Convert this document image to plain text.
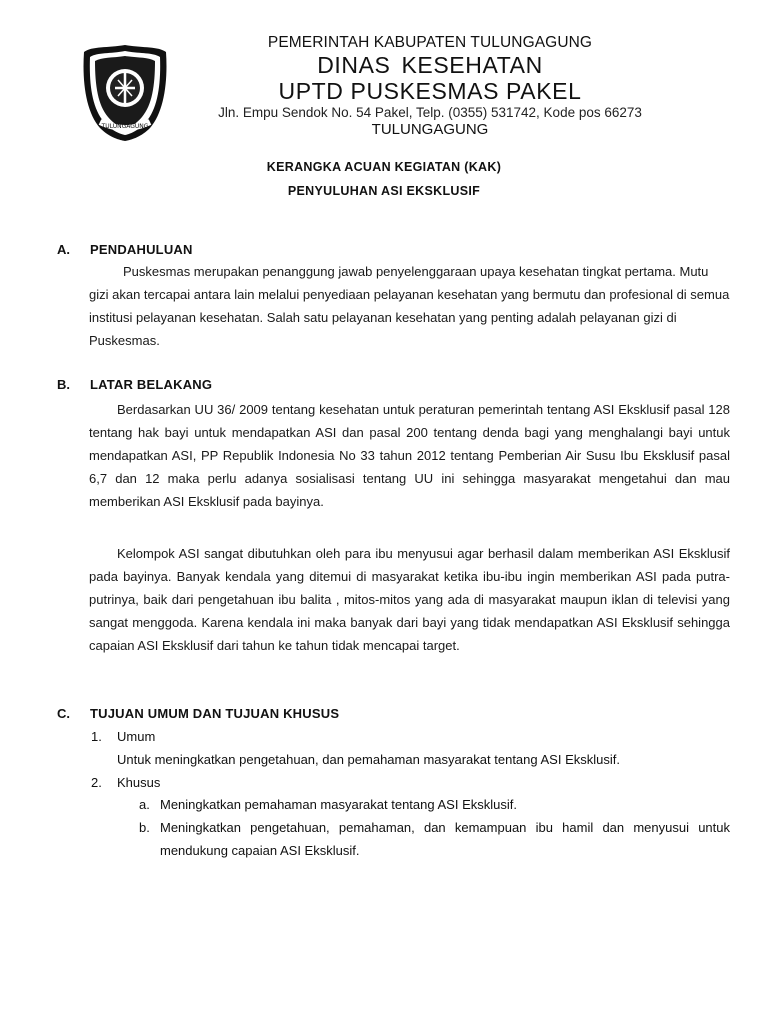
TULUNGAGUNG
PEMERINTAH KABUPATEN TULUNGAGUNG
DINAS KESEHATAN
UPTD PUSKESMAS PAKEL
Jln. Empu Sendok No. 54 Pakel, Telp. (0355) 531742, Kode pos 66273
TULUNGAGUNG
KERANGKA ACUAN KEGIATAN (KAK)
PENYULUHAN ASI EKSKLUSIF
A. PENDAHULUAN
Puskesmas merupakan penanggung jawab penyelenggaraan upaya kesehatan tingkat pertama. Mutu gizi akan tercapai antara lain melalui penyediaan pelayanan kesehatan yang bermutu dan profesional di semua institusi pelayanan kesehatan. Salah satu pelayanan kesehatan yang penting adalah pelayanan gizi di Puskesmas.
B. LATAR BELAKANG
Berdasarkan UU 36/ 2009 tentang kesehatan untuk peraturan pemerintah tentang ASI Eksklusif pasal 128 tentang hak bayi untuk mendapatkan ASI dan pasal 200 tentang denda bagi yang menghalangi bayi untuk mendapatkan ASI, PP Republik Indonesia No 33 tahun 2012 tentang Pemberian Air Susu Ibu Eksklusif pasal 6,7 dan 12 maka perlu adanya sosialisasi tentang UU ini sehingga masyarakat mengetahui dan mau memberikan ASI Eksklusif pada bayinya.
Kelompok ASI sangat dibutuhkan oleh para ibu menyusui agar berhasil dalam memberikan ASI Eksklusif pada bayinya. Banyak kendala yang ditemui di masyarakat ketika ibu-ibu ingin memberikan ASI pada putra-putrinya, baik dari pengetahuan ibu balita , mitos-mitos yang ada di masyarakat maupun iklan di televisi yang sangat menggoda. Karena kendala ini maka banyak dari bayi yang tidak mendapatkan ASI Eksklusif sehingga capaian ASI Eksklusif dari tahun ke tahun tidak mencapai target.
C. TUJUAN UMUM DAN TUJUAN KHUSUS
1. Umum
Untuk meningkatkan pengetahuan, dan pemahaman masyarakat tentang ASI Eksklusif.
2. Khusus
a. Meningkatkan pemahaman masyarakat tentang ASI Eksklusif.
b. Meningkatkan pengetahuan, pemahaman, dan kemampuan ibu hamil dan menyusui untuk mendukung capaian ASI Eksklusif.
